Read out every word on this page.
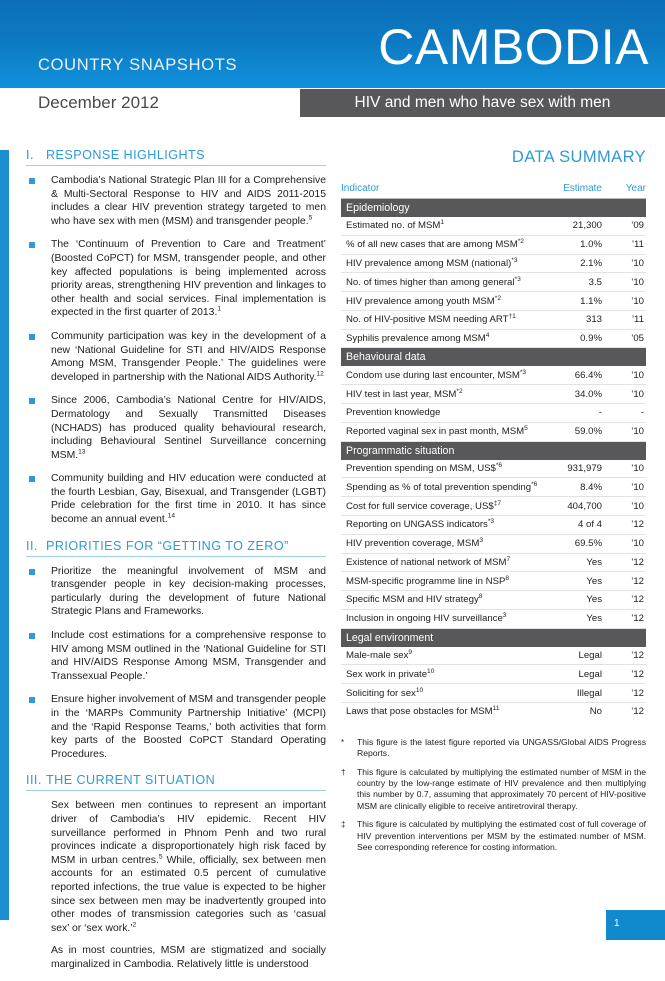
COUNTRY SNAPSHOTS	CAMBODIA
December 2012	HIV and men who have sex with men
I. RESPONSE HIGHLIGHTS
Cambodia’s National Strategic Plan III for a Comprehensive & Multi-Sectoral Response to HIV and AIDS 2011-2015 includes a clear HIV prevention strategy targeted to men who have sex with men (MSM) and transgender people.$^5$
The ‘Continuum of Prevention to Care and Treatment’ (Boosted CoPCT) for MSM, transgender people, and other key affected populations is being implemented across priority areas, strengthening HIV prevention and linkages to other health and social services. Final implementation is expected in the first quarter of 2013.$^1$
Community participation was key in the development of a new ‘National Guideline for STI and HIV/AIDS Response Among MSM, Transgender People.’ The guidelines were developed in partnership with the National AIDS Authority.$^{12}$
Since 2006, Cambodia’s National Centre for HIV/AIDS, Dermatology and Sexually Transmitted Diseases (NCHADS) has produced quality behavioural research, including Behavioural Sentinel Surveillance concerning MSM.$^{13}$
Community building and HIV education were conducted at the fourth Lesbian, Gay, Bisexual, and Transgender (LGBT) Pride celebration for the first time in 2010. It has since become an annual event.$^{14}$
II. PRIORITIES FOR “GETTING TO ZERO”
Prioritize the meaningful involvement of MSM and transgender people in key decision-making processes, particularly during the development of future National Strategic Plans and Frameworks.
Include cost estimations for a comprehensive response to HIV among MSM outlined in the ‘National Guideline for STI and HIV/AIDS Response Among MSM, Transgender and Transsexual People.’
Ensure higher involvement of MSM and transgender people in the ‘MARPs Community Partnership Initiative’ (MCPI) and the ‘Rapid Response Teams,’ both activities that form key parts of the Boosted CoPCT Standard Operating Procedures.
III. THE CURRENT SITUATION

Sex between men continues to represent an important driver of Cambodia’s HIV epidemic. Recent HIV surveillance performed in Phnom Penh and two rural provinces indicate a disproportionately high risk faced by MSM in urban centres.$^5$ While, officially, sex between men accounts for an estimated 0.5 percent of cumulative reported infections, the true value is expected to be higher since sex between men may be inadvertently grouped into other modes of transmission categories such as ‘casual sex’ or ‘sex work.’$^2$

As in most countries, MSM are stigmatized and socially marginalized in Cambodia. Relatively little is understood

DATA SUMMARY
Indicator	Estimate	Year
Epidemiology		
Estimated no. of MSM$^1$	21,300	’09
% of all new cases that are among MSM$^{*2}$	1.0%	’11
HIV prevalence among MSM (national)$^{*3}$	2.1%	’10
No. of times higher than among general$^{*3}$	3.5	’10
HIV prevalence among youth MSM$^{*2}$	1.1%	’10
No. of HIV-positive MSM needing ART$^{\dagger 1}$	313	’11
Syphilis prevalence among MSM$^4$	0.9%	’05
Behavioural data		
Condom use during last encounter, MSM$^{*3}$	66.4%	’10
HIV test in last year, MSM$^{*2}$	34.0%	’10
Prevention knowledge	-	-
Reported vaginal sex in past month, MSM$^5$	59.0%	’10
Programmatic situation		
Prevention spending on MSM, US\$$^{*6}$	931,979	’10
Spending as % of total prevention spending$^{*6}$	8.4%	’10
Cost for full service coverage, US\$$^{\ddagger 7}$	404,700	’10
Reporting on UNGASS indicators$^{*3}$	4 of 4	’12
HIV prevention coverage, MSM$^3$	69.5%	’10
Existence of national network of MSM$^7$	Yes	’12
MSM-specific programme line in NSP$^8$	Yes	’12
Specific MSM and HIV strategy$^8$	Yes	’12
Inclusion in ongoing HIV surveillance$^3$	Yes	’12
Legal environment		
Male-male sex$^9$	Legal	’12
Sex work in private$^{10}$	Legal	’12
Soliciting for sex$^{10}$	Illegal	’12
Laws that pose obstacles for MSM$^{11}$	No	’12
*	This figure is the latest figure reported via UNGASS/Global AIDS Progress Reports.
†	This figure is calculated by multiplying the estimated number of MSM in the country by the low-range estimate of HIV prevalence and then multiplying this number by 0.7, assuming that approximately 70 percent of HIV-positive MSM are clinically eligible to receive antiretroviral therapy.
‡	This figure is calculated by multiplying the estimated cost of full coverage of HIV prevention interventions per MSM by the estimated number of MSM. See corresponding reference for costing information.
1
